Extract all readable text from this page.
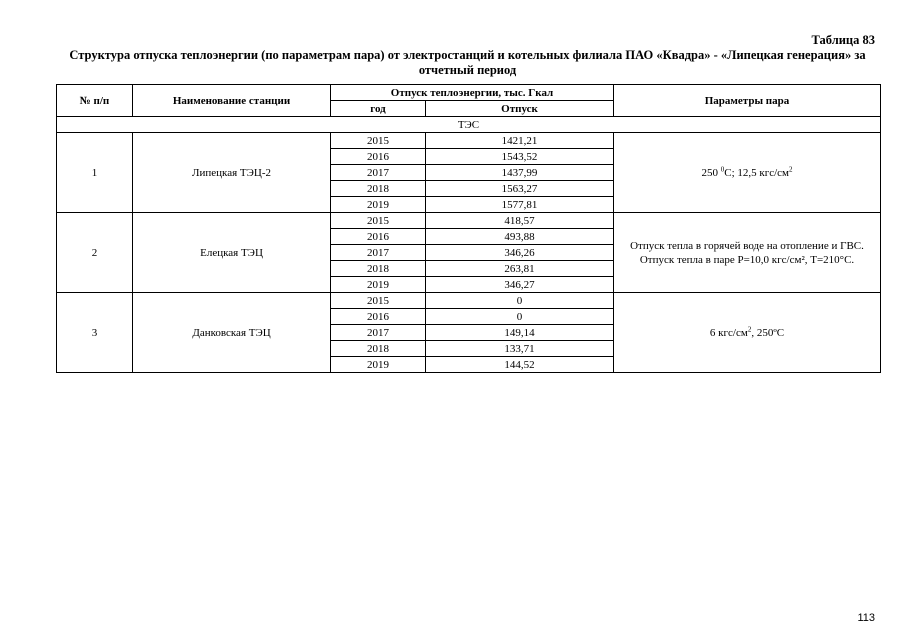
Таблица 83
Структура отпуска теплоэнергии (по параметрам пара) от электростанций и котельных филиала ПАО «Квадра» - «Липецкая генерация» за отчетный период
№ п/п	Наименование станции	Отпуск теплоэнергии, тыс. Гкал		Параметры пара
		год	Отпуск	
ТЭС				
1	Липецкая ТЭЦ-2	2015	1421,21	250 $^0$С; 12,5 кгс/$см^2$
		2016	1543,52	
		2017	1437,99	
		2018	1563,27	
		2019	1577,81	
2	Елецкая ТЭЦ	2015	418,57	Отпуск тепла в горячей воде на отопление и ГВС. Отпуск тепла в паре Р=10,0 кгс/см², Т=210°С.
		2016	493,88	
		2017	346,26	
		2018	263,81	
		2019	346,27	
3	Данковская ТЭЦ	2015	0	6 кгс/$см^2$, 250ºС
		2016	0	
		2017	149,14	
		2018	133,71	
		2019	144,52	
113
